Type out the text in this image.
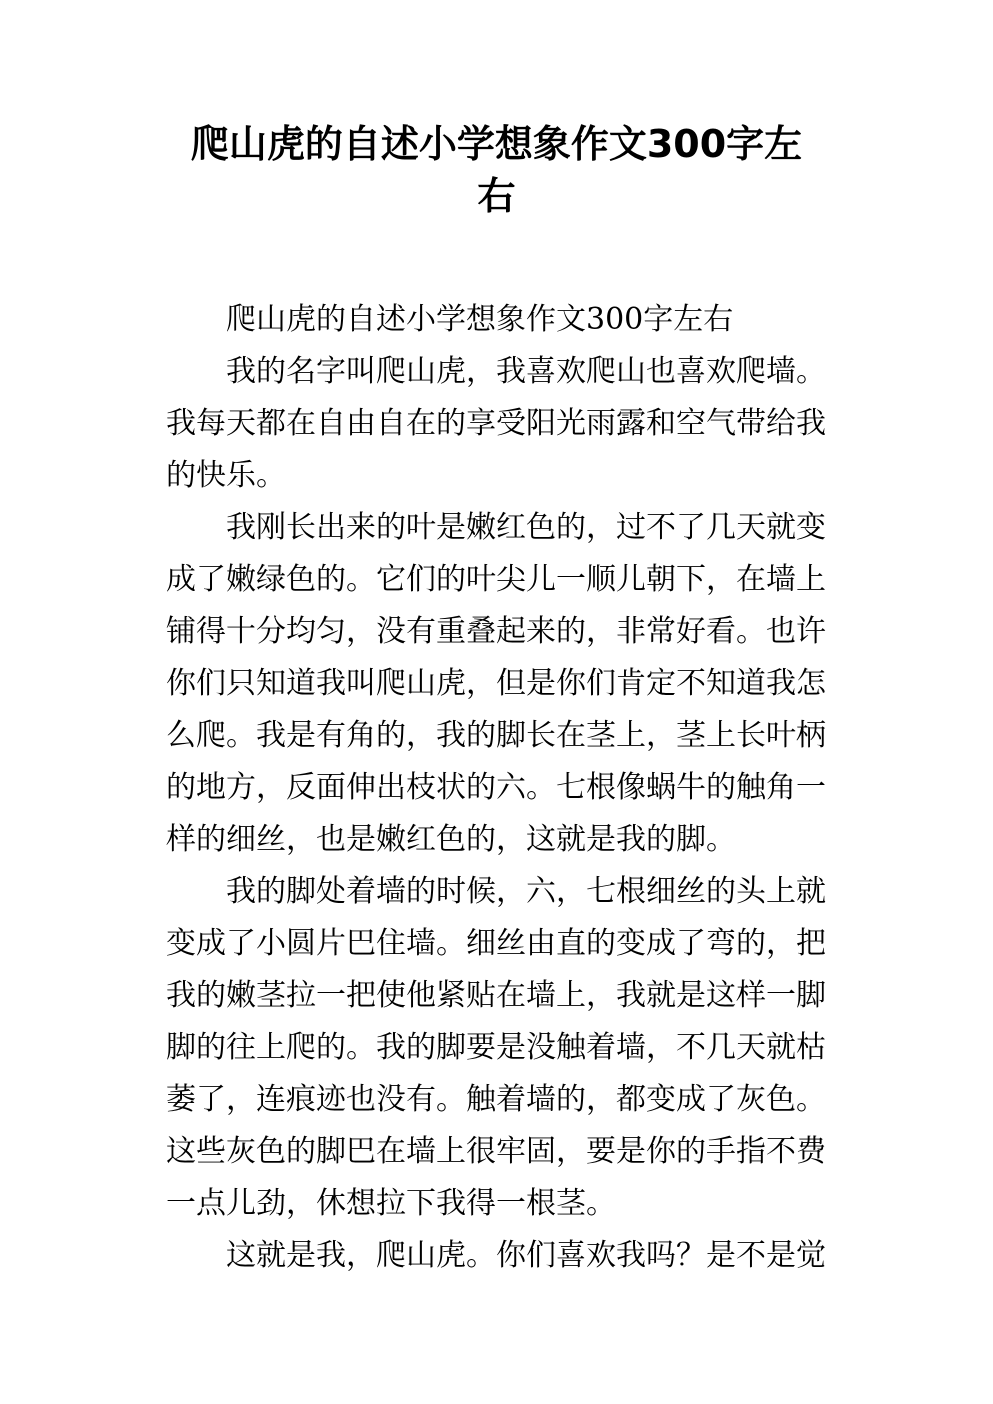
爬山虎的自述小学想象作文300字左
右
爬山虎的自述小学想象作文300字左右
我的名字叫爬山虎，我喜欢爬山也喜欢爬墙。
我每天都在自由自在的享受阳光雨露和空气带给我
的快乐。
我刚长出来的叶是嫩红色的，过不了几天就变
成了嫩绿色的。它们的叶尖儿一顺儿朝下，在墙上
铺得十分均匀，没有重叠起来的，非常好看。也许
你们只知道我叫爬山虎，但是你们肯定不知道我怎
么爬。我是有角的，我的脚长在茎上，茎上长叶柄
的地方，反面伸出枝状的六。七根像蜗牛的触角一
样的细丝，也是嫩红色的，这就是我的脚。
我的脚处着墙的时候，六，七根细丝的头上就
变成了小圆片巴住墙。细丝由直的变成了弯的，把
我的嫩茎拉一把使他紧贴在墙上，我就是这样一脚
脚的往上爬的。我的脚要是没触着墙，不几天就枯
萎了，连痕迹也没有。触着墙的，都变成了灰色。
这些灰色的脚巴在墙上很牢固，要是你的手指不费
一点儿劲，休想拉下我得一根茎。
这就是我，爬山虎。你们喜欢我吗？是不是觉
